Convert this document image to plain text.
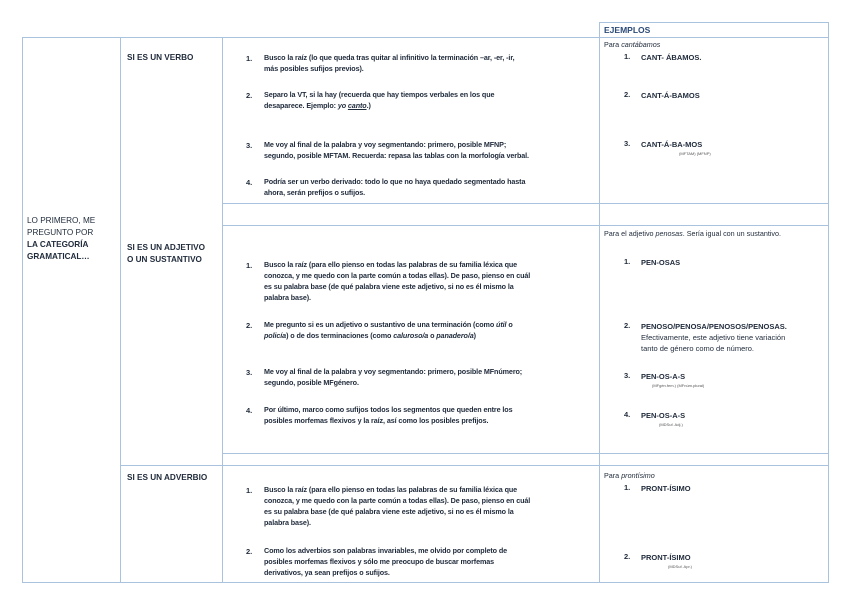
EJEMPLOS
LO PRIMERO, ME
PREGUNTO POR
LA CATEGORÍA
GRAMATICAL…
SI ES UN VERBO	1. Busco la raíz (lo que queda tras quitar al infinitivo la terminación –ar, -er, -ir,
más posibles sufijos previos).
2. Separo la VT, si la hay (recuerda que hay tiempos verbales en los que
desaparece. Ejemplo: yo canto.)
3. Me voy al final de la palabra y voy segmentando: primero, posible MFNP;
segundo, posible MFTAM. Recuerda: repasa las tablas con la morfología verbal.
4. Podría ser un verbo derivado: todo lo que no haya quedado segmentado hasta
ahora, serán prefijos o sufijos.
Para cantábamos
1. CANT- ÁBAMOS.
2. CANT-Á-BAMOS
3. CANT-Á-BA-MOS
(MFTAM) (MFNP)
SI ES UN ADJETIVO
O UN SUSTANTIVO
1. Busco la raíz (para ello pienso en todas las palabras de su familia léxica que
conozca, y me quedo con la parte común a todas ellas). De paso, pienso en cuál
es su palabra base (de qué palabra viene este adjetivo, si no es él mismo la
palabra base).
2. Me pregunto si es un adjetivo o sustantivo de una terminación (como útil o
policía) o de dos terminaciones (como caluroso/a o panadero/a)
3. Me voy al final de la palabra y voy segmentando: primero, posible MFnúmero;
segundo, posible MFgénero.
4. Por último, marco como sufijos todos los segmentos que queden entre los
posibles morfemas flexivos y la raíz, así como los posibles prefijos.
Para el adjetivo penosas. Sería igual con un sustantivo.
1. PEN-OSAS
2. PENOSO/PENOSA/PENOSOS/PENOSAS.
Efectivamente, este adjetivo tiene variación
tanto de género como de número.
3. PEN-OS-A-S
(MFgén.fem.) (MFnúm.plural)
4. PEN-OS-A-S
(MDSuf. Adj.)
SI ES UN ADVERBIO
1. Busco la raíz (para ello pienso en todas las palabras de su familia léxica que
conozca, y me quedo con la parte común a todas ellas). De paso, pienso en cuál
es su palabra base (de qué palabra viene este adjetivo, si no es él mismo la
palabra base).
2. Como los adverbios son palabras invariables, me olvido por completo de
posibles morfemas flexivos y sólo me preocupo de buscar morfemas
derivativos, ya sean prefijos o sufijos.
Para prontísimo
1. PRONT-ÍSIMO
2. PRONT-ÍSIMO
(MDSuf. Apr.)
